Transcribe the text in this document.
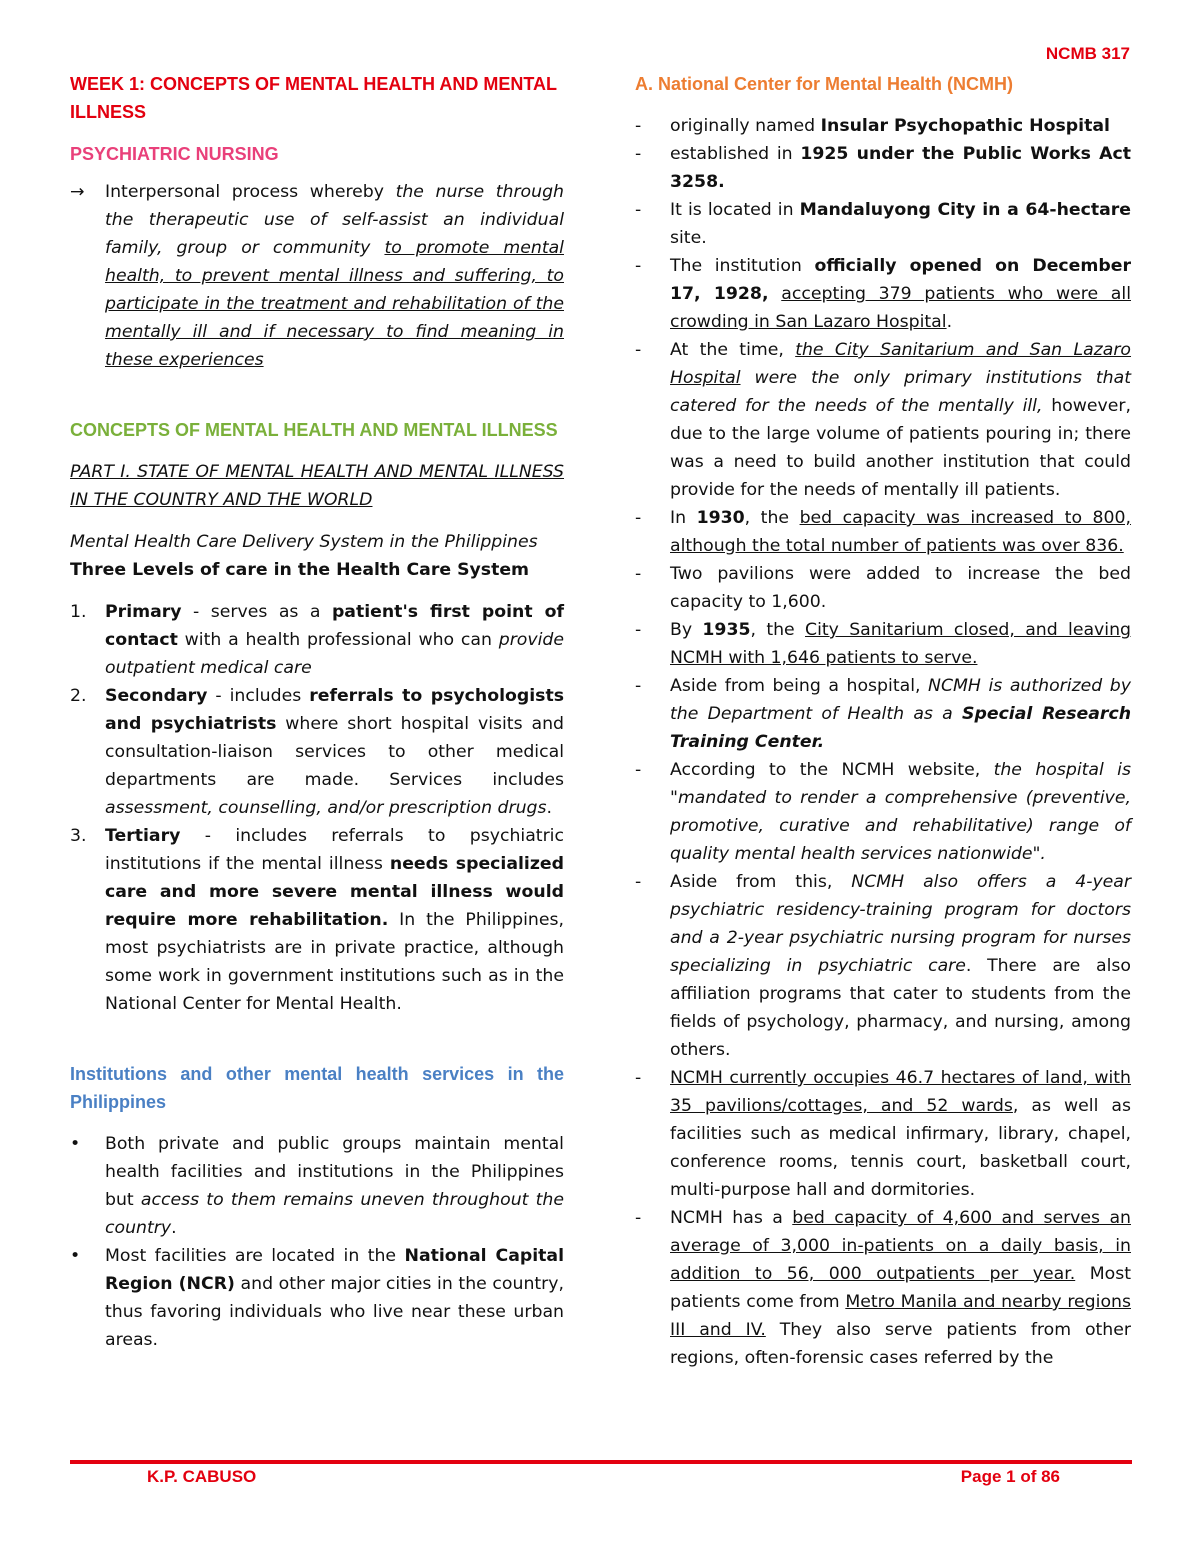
NCMB 317
WEEK 1: CONCEPTS OF MENTAL HEALTH AND MENTAL ILLNESS
PSYCHIATRIC NURSING
→	Interpersonal process whereby the nurse through the therapeutic use of self-assist an individual family, group or community to promote mental health, to prevent mental illness and suffering, to participate in the treatment and rehabilitation of the mentally ill and if necessary to find meaning in these experiences
CONCEPTS OF MENTAL HEALTH AND MENTAL ILLNESS
PART I. STATE OF MENTAL HEALTH AND MENTAL ILLNESS IN THE COUNTRY AND THE WORLD
Mental Health Care Delivery System in the Philippines
Three Levels of care in the Health Care System
1.	Primary - serves as a patient's first point of contact with a health professional who can provide outpatient medical care
2.	Secondary - includes referrals to psychologists and psychiatrists where short hospital visits and consultation-liaison services to other medical departments are made. Services includes assessment, counselling, and/or prescription drugs.
3.	Tertiary - includes referrals to psychiatric institutions if the mental illness needs specialized care and more severe mental illness would require more rehabilitation. In the Philippines, most psychiatrists are in private practice, although some work in government institutions such as in the National Center for Mental Health.
Institutions and other mental health services in the Philippines
•	Both private and public groups maintain mental health facilities and institutions in the Philippines but access to them remains uneven throughout the country.
•	Most facilities are located in the National Capital Region (NCR) and other major cities in the country, thus favoring individuals who live near these urban areas.
A. National Center for Mental Health (NCMH)
-	originally named Insular Psychopathic Hospital
-	established in 1925 under the Public Works Act 3258.
-	It is located in Mandaluyong City in a 64-hectare site.
-	The institution officially opened on December 17, 1928, accepting 379 patients who were all crowding in San Lazaro Hospital.
-	At the time, the City Sanitarium and San Lazaro Hospital were the only primary institutions that catered for the needs of the mentally ill, however, due to the large volume of patients pouring in; there was a need to build another institution that could provide for the needs of mentally ill patients.
-	In 1930, the bed capacity was increased to 800, although the total number of patients was over 836.
-	Two pavilions were added to increase the bed capacity to 1,600.
-	By 1935, the City Sanitarium closed, and leaving NCMH with 1,646 patients to serve.
-	Aside from being a hospital, NCMH is authorized by the Department of Health as a Special Research Training Center.
-	According to the NCMH website, the hospital is "mandated to render a comprehensive (preventive, promotive, curative and rehabilitative) range of quality mental health services nationwide".
-	Aside from this, NCMH also offers a 4-year psychiatric residency-training program for doctors and a 2-year psychiatric nursing program for nurses specializing in psychiatric care. There are also affiliation programs that cater to students from the fields of psychology, pharmacy, and nursing, among others.
-	NCMH currently occupies 46.7 hectares of land, with 35 pavilions/cottages, and 52 wards, as well as facilities such as medical infirmary, library, chapel, conference rooms, tennis court, basketball court, multi-purpose hall and dormitories.
-	NCMH has a bed capacity of 4,600 and serves an average of 3,000 in-patients on a daily basis, in addition to 56, 000 outpatients per year. Most patients come from Metro Manila and nearby regions III and IV. They also serve patients from other regions, often-forensic cases referred by the
K.P. CABUSO	Page 1 of 86
